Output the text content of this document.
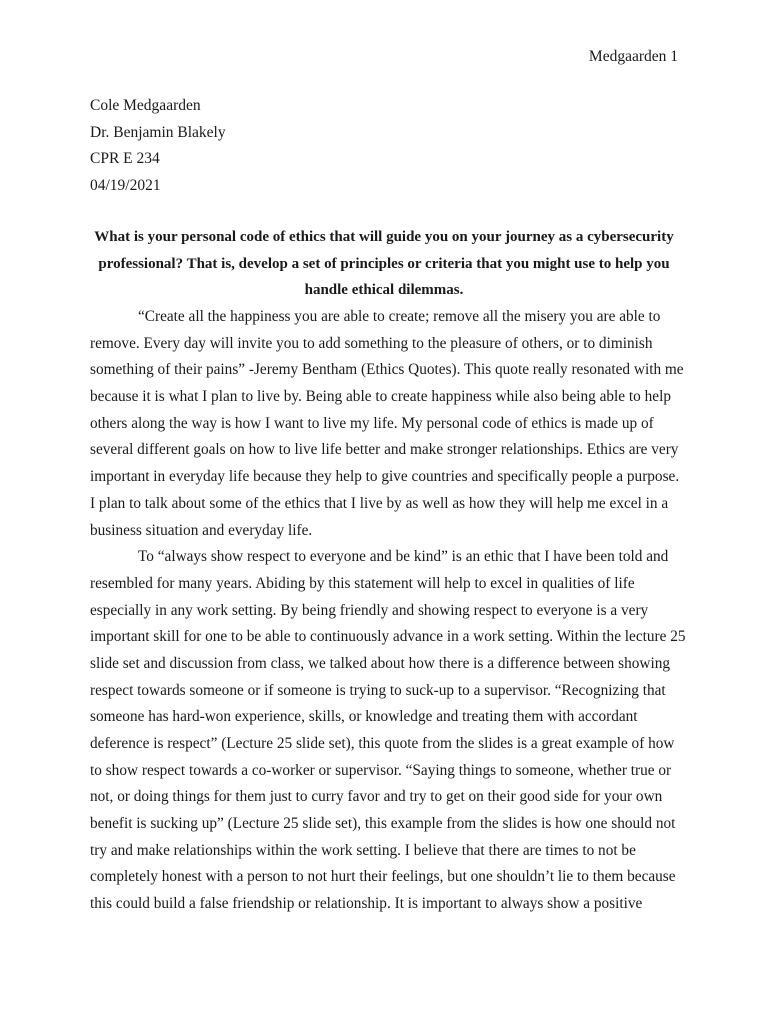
Medgaarden 1
Cole Medgaarden
Dr. Benjamin Blakely
CPR E 234
04/19/2021
What is your personal code of ethics that will guide you on your journey as a cybersecurity
professional? That is, develop a set of principles or criteria that you might use to help you
handle ethical dilemmas.
“Create all the happiness you are able to create; remove all the misery you are able to
remove. Every day will invite you to add something to the pleasure of others, or to diminish
something of their pains” -Jeremy Bentham (Ethics Quotes). This quote really resonated with me
because it is what I plan to live by. Being able to create happiness while also being able to help
others along the way is how I want to live my life. My personal code of ethics is made up of
several different goals on how to live life better and make stronger relationships. Ethics are very
important in everyday life because they help to give countries and specifically people a purpose.
I plan to talk about some of the ethics that I live by as well as how they will help me excel in a
business situation and everyday life.
To “always show respect to everyone and be kind” is an ethic that I have been told and
resembled for many years. Abiding by this statement will help to excel in qualities of life
especially in any work setting. By being friendly and showing respect to everyone is a very
important skill for one to be able to continuously advance in a work setting. Within the lecture 25
slide set and discussion from class, we talked about how there is a difference between showing
respect towards someone or if someone is trying to suck-up to a supervisor. “Recognizing that
someone has hard-won experience, skills, or knowledge and treating them with accordant
deference is respect” (Lecture 25 slide set), this quote from the slides is a great example of how
to show respect towards a co-worker or supervisor. “Saying things to someone, whether true or
not, or doing things for them just to curry favor and try to get on their good side for your own
benefit is sucking up” (Lecture 25 slide set), this example from the slides is how one should not
try and make relationships within the work setting. I believe that there are times to not be
completely honest with a person to not hurt their feelings, but one shouldn’t lie to them because
this could build a false friendship or relationship. It is important to always show a positive
